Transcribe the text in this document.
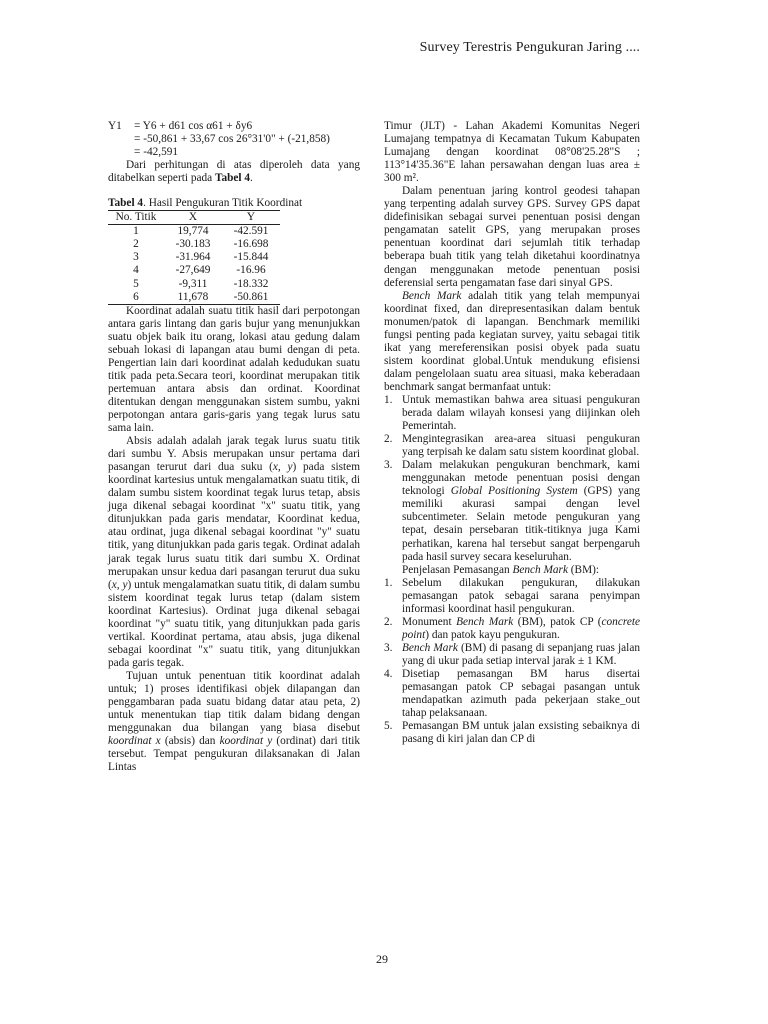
Survey Terestris Pengukuran Jaring ....
Y1	= Y6 + d61 cos α61 + δy6
= -50,861 + 33,67 cos 26°31'0" + (-21,858)
= -42,591

Dari perhitungan di atas diperoleh data yang ditabelkan seperti pada Tabel 4.

Tabel 4. Hasil Pengukuran Titik Koordinat
No. Titik	X	Y
1	19,774	-42.591
2	-30.183	-16.698
3	-31.964	-15.844
4	-27,649	-16.96
5	-9,311	-18.332
6	11,678	-50.861

Koordinat adalah suatu titik hasil dari perpotongan antara garis lintang dan garis bujur yang menunjukkan suatu objek baik itu orang, lokasi atau gedung dalam sebuah lokasi di lapangan atau bumi dengan di peta. Pengertian lain dari koordinat adalah kedudukan suatu titik pada peta.Secara teori, koordinat merupakan titik pertemuan antara absis dan ordinat. Koordinat ditentukan dengan menggunakan sistem sumbu, yakni perpotongan antara garis-garis yang tegak lurus satu sama lain.

Absis adalah adalah jarak tegak lurus suatu titik dari sumbu Y. Absis merupakan unsur pertama dari pasangan terurut dari dua suku (x, y) pada sistem koordinat kartesius untuk mengalamatkan suatu titik, di dalam sumbu sistem koordinat tegak lurus tetap, absis juga dikenal sebagai koordinat "x" suatu titik, yang ditunjukkan pada garis mendatar, Koordinat kedua, atau ordinat, juga dikenal sebagai koordinat "y" suatu titik, yang ditunjukkan pada garis tegak. Ordinat adalah jarak tegak lurus suatu titik dari sumbu X. Ordinat merupakan unsur kedua dari pasangan terurut dua suku (x, y) untuk mengalamatkan suatu titik, di dalam sumbu sistem koordinat tegak lurus tetap (dalam sistem koordinat Kartesius). Ordinat juga dikenal sebagai koordinat "y" suatu titik, yang ditunjukkan pada garis vertikal. Koordinat pertama, atau absis, juga dikenal sebagai koordinat "x" suatu titik, yang ditunjukkan pada garis tegak.

Tujuan untuk penentuan titik koordinat adalah untuk; 1) proses identifikasi objek dilapangan dan penggambaran pada suatu bidang datar atau peta, 2) untuk menentukan tiap titik dalam bidang dengan menggunakan dua bilangan yang biasa disebut koordinat x (absis) dan koordinat y (ordinat) dari titik tersebut. Tempat pengukuran dilaksanakan di Jalan Lintas

Timur (JLT) - Lahan Akademi Komunitas Negeri Lumajang tempatnya di Kecamatan Tukum Kabupaten Lumajang dengan koordinat 08°08'25.28"S ; 113°14'35.36"E lahan persawahan dengan luas area ± 300 m².

Dalam penentuan jaring kontrol geodesi tahapan yang terpenting adalah survey GPS. Survey GPS dapat didefinisikan sebagai survei penentuan posisi dengan pengamatan satelit GPS, yang merupakan proses penentuan koordinat dari sejumlah titik terhadap beberapa buah titik yang telah diketahui koordinatnya dengan menggunakan metode penentuan posisi deferensial serta pengamatan fase dari sinyal GPS.

Bench Mark adalah titik yang telah mempunyai koordinat fixed, dan direpresentasikan dalam bentuk monumen/patok di lapangan. Benchmark memiliki fungsi penting pada kegiatan survey, yaitu sebagai titik ikat yang mereferensikan posisi obyek pada suatu sistem koordinat global.Untuk mendukung efisiensi dalam pengelolaan suatu area situasi, maka keberadaan benchmark sangat bermanfaat untuk:

1. Untuk memastikan bahwa area situasi pengukuran berada dalam wilayah konsesi yang diijinkan oleh Pemerintah.
2. Mengintegrasikan area-area situasi pengukuran yang terpisah ke dalam satu sistem koordinat global.
3. Dalam melakukan pengukuran benchmark, kami menggunakan metode penentuan posisi dengan teknologi Global Positioning System (GPS) yang memiliki akurasi sampai dengan level subcentimeter. Selain metode pengukuran yang tepat, desain persebaran titik-titiknya juga Kami perhatikan, karena hal tersebut sangat berpengaruh pada hasil survey secara keseluruhan.

Penjelasan Pemasangan Bench Mark (BM):

1. Sebelum dilakukan pengukuran, dilakukan pemasangan patok sebagai sarana penyimpan informasi koordinat hasil pengukuran.
2. Monument Bench Mark (BM), patok CP (concrete point) dan patok kayu pengukuran.
3. Bench Mark (BM) di pasang di sepanjang ruas jalan yang di ukur pada setiap interval jarak ± 1 KM.
4. Disetiap pemasangan BM harus disertai pemasangan patok CP sebagai pasangan untuk mendapatkan azimuth pada pekerjaan stake_out tahap pelaksanaan.
5. Pemasangan BM untuk jalan exsisting sebaiknya di pasang di kiri jalan dan CP di
29
